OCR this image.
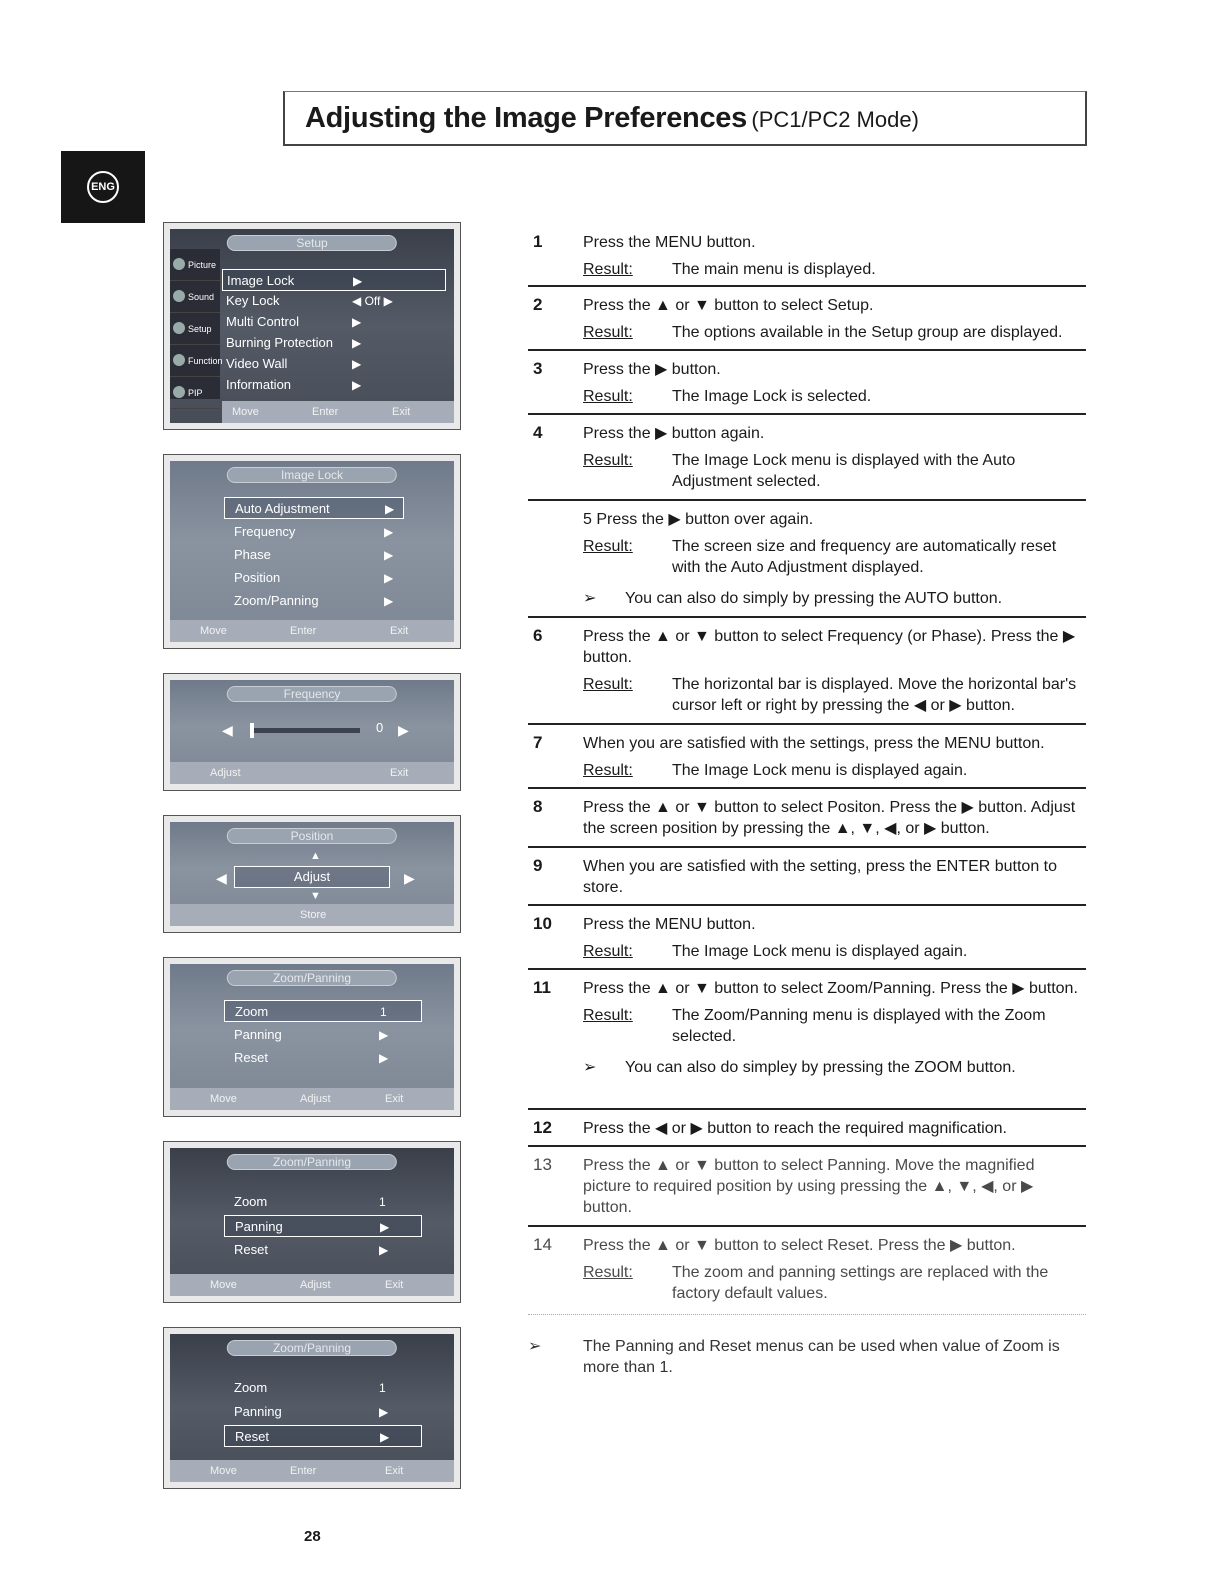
Adjusting the Image Preferences (PC1/PC2 Mode)
ENG
Setup
Picture
Sound
Setup
Function
PIP
Image Lock	▶
Key Lock	◀ Off ▶
Multi Control	▶
Burning Protection ▶
Video Wall	▶
Information	▶
Move	Enter	Exit
Image Lock
Auto Adjustment	▶
Frequency	▶
Phase	▶
Position	▶
Zoom/Panning	▶
Move	Enter	Exit
Frequency
◀	0 ▶
Adjust	Exit
Position
▲
◀	Adjust	▶
▼
Store
Zoom/Panning
Zoom	1
Panning	▶
Reset	▶
Move	Adjust	Exit
Zoom/Panning
Zoom	1
Panning	▶
Reset	▶
Move	Adjust	Exit
Zoom/Panning
Zoom	1
Panning	▶
Reset	▶
Move	Enter	Exit
1	Press the MENU button.
Result:	The main menu is displayed.
2	Press the ▲ or ▼ button to select Setup.
Result:	The options available in the Setup group are displayed.
3	Press the ▶ button.
Result:	The Image Lock is selected.
4	Press the ▶ button again.
Result:	The Image Lock menu is displayed with the Auto Adjustment selected.
5 Press the ▶ button over again.
Result:	The screen size and frequency are automatically reset with the Auto Adjustment displayed.
➢	You can also do simply by pressing the AUTO button.
6	Press the ▲ or ▼ button to select Frequency (or Phase). Press the ▶ button.
Result:	The horizontal bar is displayed. Move the horizontal bar's cursor left or right by pressing the ◀ or ▶ button.
7	When you are satisfied with the settings, press the MENU button.
Result:	The Image Lock menu is displayed again.
8	Press the ▲ or ▼ button to select Positon. Press the ▶ button. Adjust the screen position by pressing the ▲, ▼, ◀, or ▶ button.
9	When you are satisfied with the setting, press the ENTER button to store.
10 Press the MENU button.
Result:	The Image Lock menu is displayed again.
11 Press the ▲ or ▼ button to select Zoom/Panning. Press the ▶ button.
Result:	The Zoom/Panning menu is displayed with the Zoom selected.
➢	You can also do simpley by pressing the ZOOM button.
12 Press the ◀ or ▶ button to reach the required magnification.
13 Press the ▲ or ▼ button to select Panning. Move the magnified picture to required position by using pressing the ▲, ▼, ◀, or ▶ button.
14 Press the ▲ or ▼ button to select Reset. Press the ▶ button.
Result:	The zoom and panning settings are replaced with the factory default values.
➢	The Panning and Reset menus can be used when value of Zoom is more than 1.
28
